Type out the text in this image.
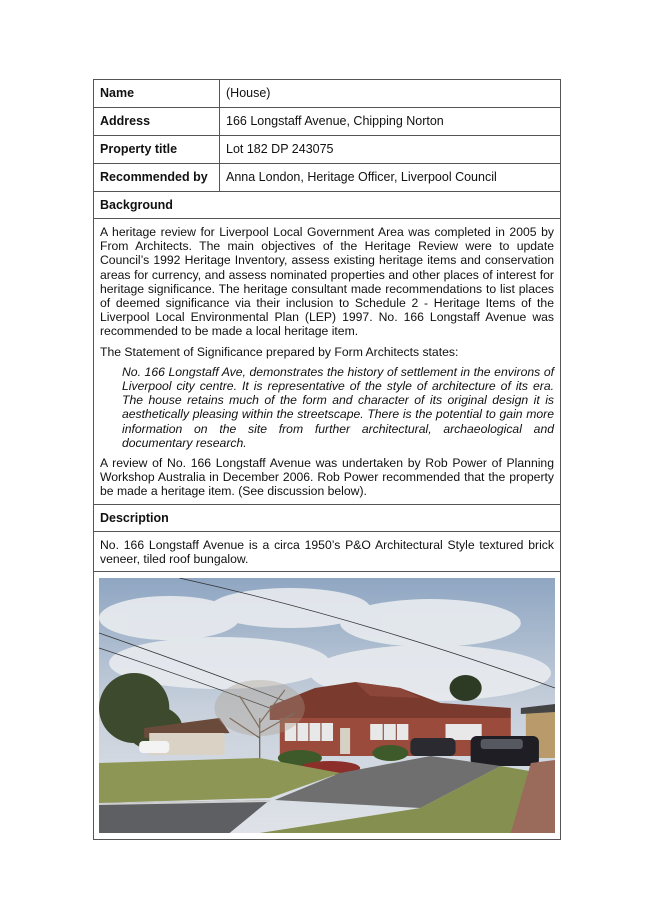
Name	(House)
Address	166 Longstaff Avenue, Chipping Norton
Property title	Lot 182 DP 243075
Recommended by	Anna London, Heritage Officer, Liverpool Council
Background

A heritage review for Liverpool Local Government Area was completed in 2005 by From Architects. The main objectives of the Heritage Review were to update Council’s 1992 Heritage Inventory, assess existing heritage items and conservation areas for currency, and assess nominated properties and other places of interest for heritage significance. The heritage consultant made recommendations to list places of deemed significance via their inclusion to Schedule 2 - Heritage Items of the Liverpool Local Environmental Plan (LEP) 1997. No. 166 Longstaff Avenue was recommended to be made a local heritage item.

The Statement of Significance prepared by Form Architects states:

No. 166 Longstaff Ave, demonstrates the history of settlement in the environs of Liverpool city centre. It is representative of the style of architecture of its era. The house retains much of the form and character of its original design it is aesthetically pleasing within the streetscape. There is the potential to gain more information on the site from further architectural, archaeological and documentary research.

A review of No. 166 Longstaff Avenue was undertaken by Rob Power of Planning Workshop Australia in December 2006. Rob Power recommended that the property be made a heritage item. (See discussion below).

Description

No. 166 Longstaff Avenue is a circa 1950’s P&O Architectural Style textured brick veneer, tiled roof bungalow.
